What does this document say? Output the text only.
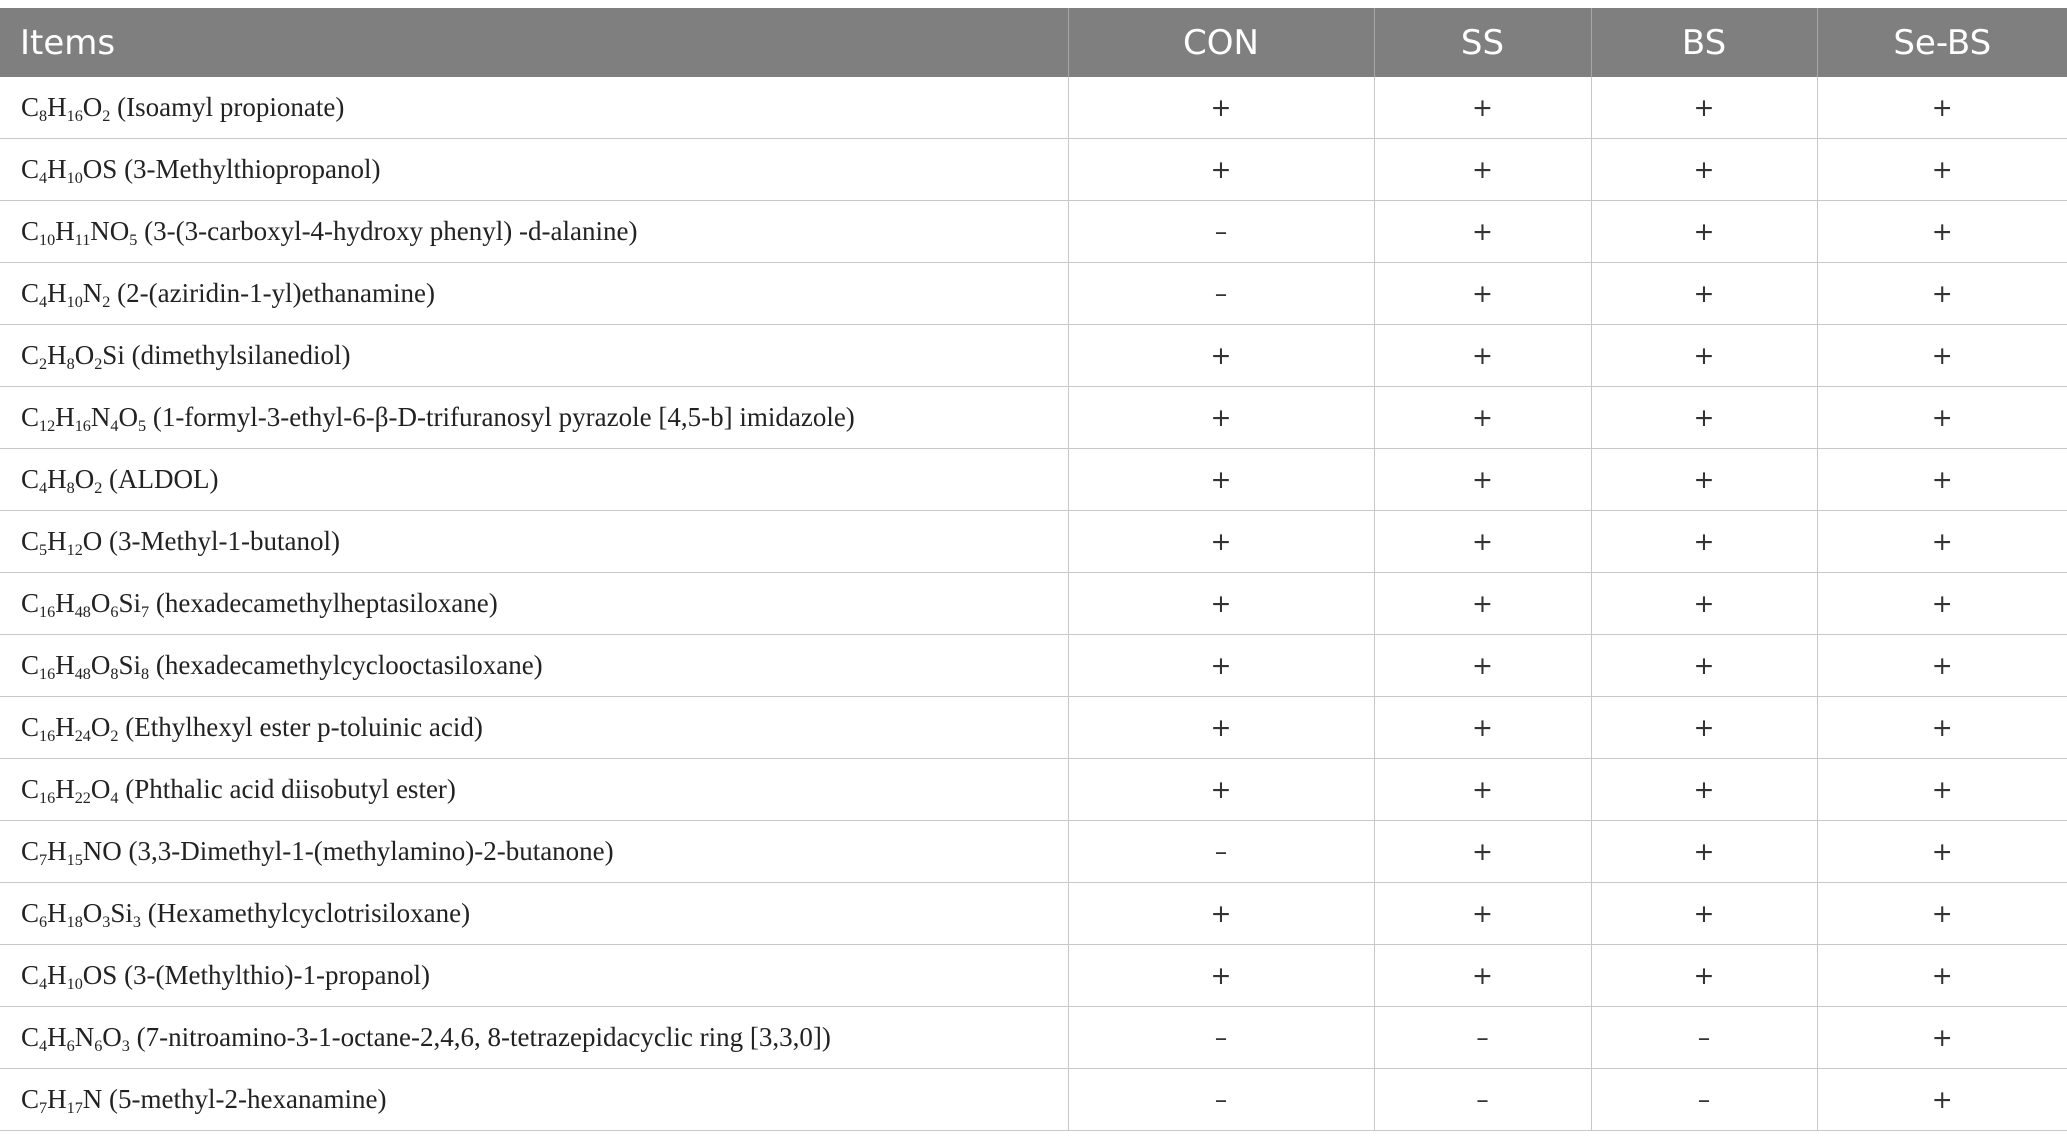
Items	CON	SS	BS	Se-BS
$C_8H_{16}O_2$ (Isoamyl propionate)	+	+	+	+
$C_4H_{10}OS$ (3-Methylthiopropanol)	+	+	+	+
$C_{10}H_{11}NO_5$ (3-(3-carboxyl-4-hydroxy phenyl) -d-alanine)	–	+	+	+
$C_4H_{10}N_2$ (2-(aziridin-1-yl)ethanamine)	–	+	+	+
$C_2H_8O_2Si$ (dimethylsilanediol)	+	+	+	+
$C_{12}H_{16}N_4O_5$ (1-formyl-3-ethyl-6-β-D-trifuranosyl pyrazole [4,5-b] imidazole)	+	+	+	+
$C_4H_8O_2$ (ALDOL)	+	+	+	+
$C_5H_{12}O$ (3-Methyl-1-butanol)	+	+	+	+
$C_{16}H_{48}O_6Si_7$ (hexadecamethylheptasiloxane)	+	+	+	+
$C_{16}H_{48}O_8Si_8$ (hexadecamethylcyclooctasiloxane)	+	+	+	+
$C_{16}H_{24}O_2$ (Ethylhexyl ester p-toluinic acid)	+	+	+	+
$C_{16}H_{22}O_4$ (Phthalic acid diisobutyl ester)	+	+	+	+
$C_7H_{15}NO$ (3,3-Dimethyl-1-(methylamino)-2-butanone)	–	+	+	+
$C_6H_{18}O_3Si_3$ (Hexamethylcyclotrisiloxane)	+	+	+	+
$C_4H_{10}OS$ (3-(Methylthio)-1-propanol)	+	+	+	+
$C_4H_6N_6O_3$ (7-nitroamino-3-1-octane-2,4,6, 8-tetrazepidacyclic ring [3,3,0])	–	–	–	+
$C_7H_{17}N$ (5-methyl-2-hexanamine)	–	–	–	+
